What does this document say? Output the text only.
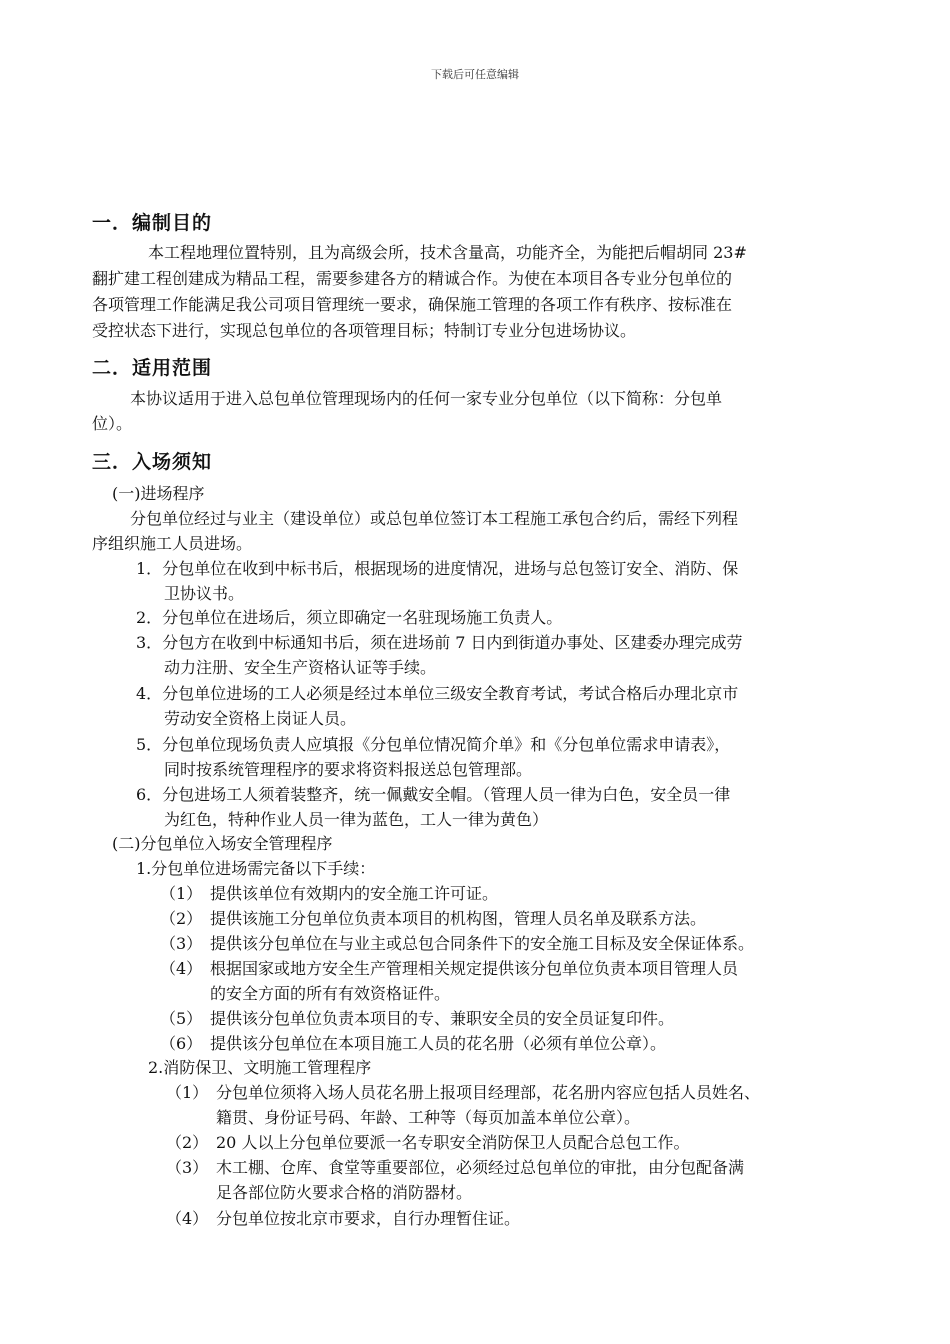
下载后可任意编辑
一．编制目的
本工程地理位置特别，且为高级会所，技术含量高，功能齐全，为能把后帽胡同 23#
翻扩建工程创建成为精品工程，需要参建各方的精诚合作。为使在本项目各专业分包单位的
各项管理工作能满足我公司项目管理统一要求，确保施工管理的各项工作有秩序、按标准在
受控状态下进行，实现总包单位的各项管理目标；特制订专业分包进场协议。
二．适用范围
本协议适用于进入总包单位管理现场内的任何一家专业分包单位（以下简称：分包单
位）。
三．入场须知
(一)进场程序
分包单位经过与业主（建设单位）或总包单位签订本工程施工承包合约后，需经下列程
序组织施工人员进场。
1．分包单位在收到中标书后，根据现场的进度情况，进场与总包签订安全、消防、保
卫协议书。
2．分包单位在进场后，须立即确定一名驻现场施工负责人。
3．分包方在收到中标通知书后，须在进场前 7 日内到街道办事处、区建委办理完成劳
动力注册、安全生产资格认证等手续。
4．分包单位进场的工人必须是经过本单位三级安全教育考试，考试合格后办理北京市
劳动安全资格上岗证人员。
5．分包单位现场负责人应填报《分包单位情况简介单》和《分包单位需求申请表》，
同时按系统管理程序的要求将资料报送总包管理部。
6．分包进场工人须着装整齐，统一佩戴安全帽。（管理人员一律为白色，安全员一律
为红色，特种作业人员一律为蓝色，工人一律为黄色）
(二)分包单位入场安全管理程序
1.分包单位进场需完备以下手续：
（1） 提供该单位有效期内的安全施工许可证。
（2） 提供该施工分包单位负责本项目的机构图，管理人员名单及联系方法。
（3） 提供该分包单位在与业主或总包合同条件下的安全施工目标及安全保证体系。
（4） 根据国家或地方安全生产管理相关规定提供该分包单位负责本项目管理人员
的安全方面的所有有效资格证件。
（5） 提供该分包单位负责本项目的专、兼职安全员的安全员证复印件。
（6） 提供该分包单位在本项目施工人员的花名册（必须有单位公章）。
2.消防保卫、文明施工管理程序
（1） 分包单位须将入场人员花名册上报项目经理部，花名册内容应包括人员姓名、
籍贯、身份证号码、年龄、工种等（每页加盖本单位公章）。
（2） 20 人以上分包单位要派一名专职安全消防保卫人员配合总包工作。
（3） 木工棚、仓库、食堂等重要部位，必须经过总包单位的审批，由分包配备满
足各部位防火要求合格的消防器材。
（4） 分包单位按北京市要求，自行办理暂住证。
